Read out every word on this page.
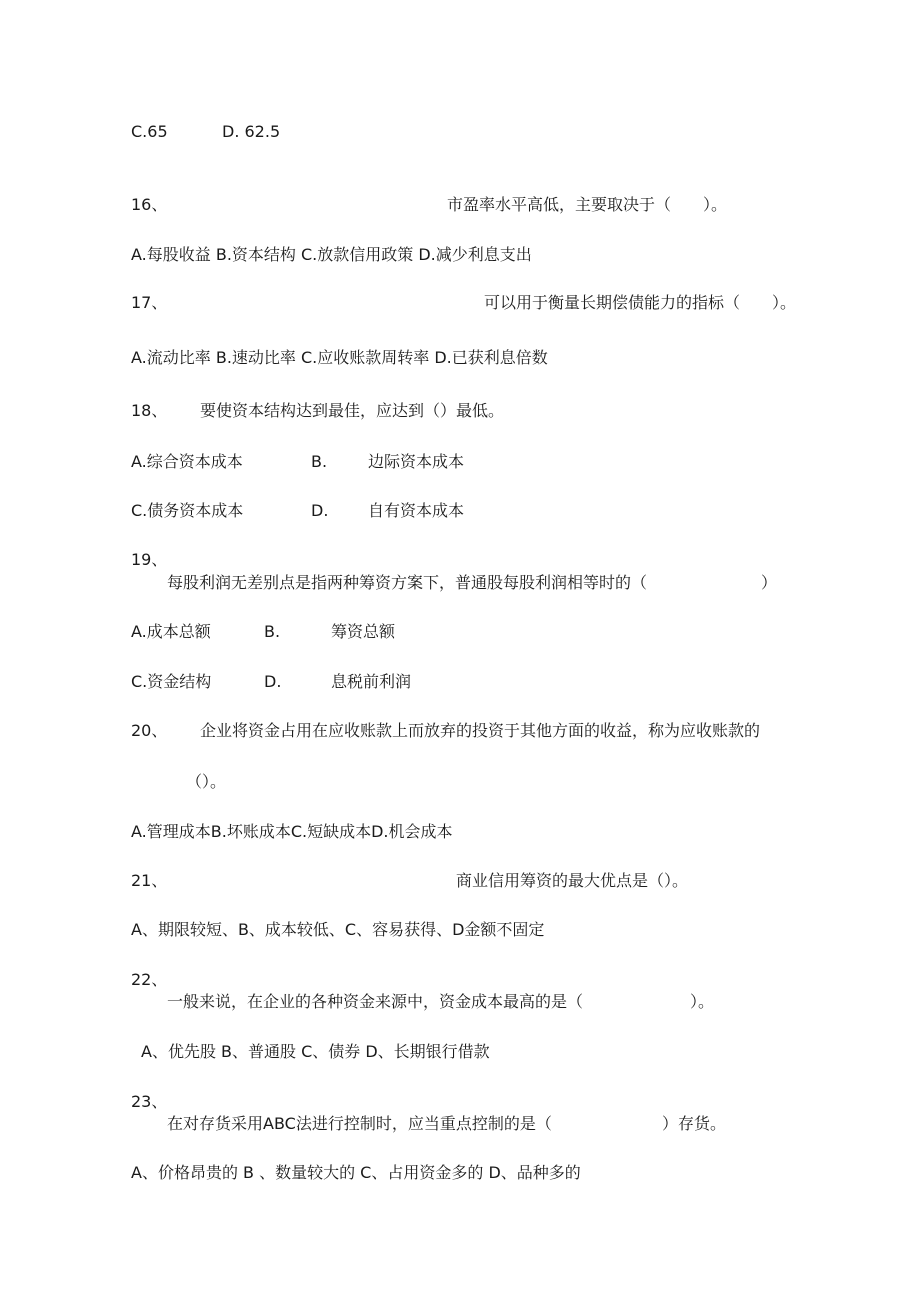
C.65	D. 62.5
16、	市盈率水平高低，主要取决于（　　）。
A.每股收益 B.资本结构 C.放款信用政策 D.减少利息支出
17、	可以用于衡量长期偿债能力的指标（　　）。
A.流动比率 B.速动比率 C.应收账款周转率 D.已获利息倍数
18、 要使资本结构达到最佳，应达到（）最低。
A.综合资本成本	B.	边际资本成本
C.债务资本成本	D. 自有资本成本
19、
每股利润无差别点是指两种筹资方案下，普通股每股利润相等时的（	）
A.成本总额	B.	筹资总额
C.资金结构	D.	息税前利润
20、 企业将资金占用在应收账款上而放弃的投资于其他方面的收益，称为应收账款的
（）。
A.管理成本B.坏账成本C.短缺成本D.机会成本
21、	商业信用筹资的最大优点是（）。
A、期限较短、B、成本较低、C、容易获得、D金额不固定
22、
一般来说，在企业的各种资金来源中，资金成本最高的是（	）。
A、优先股 B、普通股 C、债券 D、长期银行借款
23、
在对存货采用ABC法进行控制时，应当重点控制的是（	）存货。
A、价格昂贵的 B 、数量较大的 C、占用资金多的 D、品种多的
